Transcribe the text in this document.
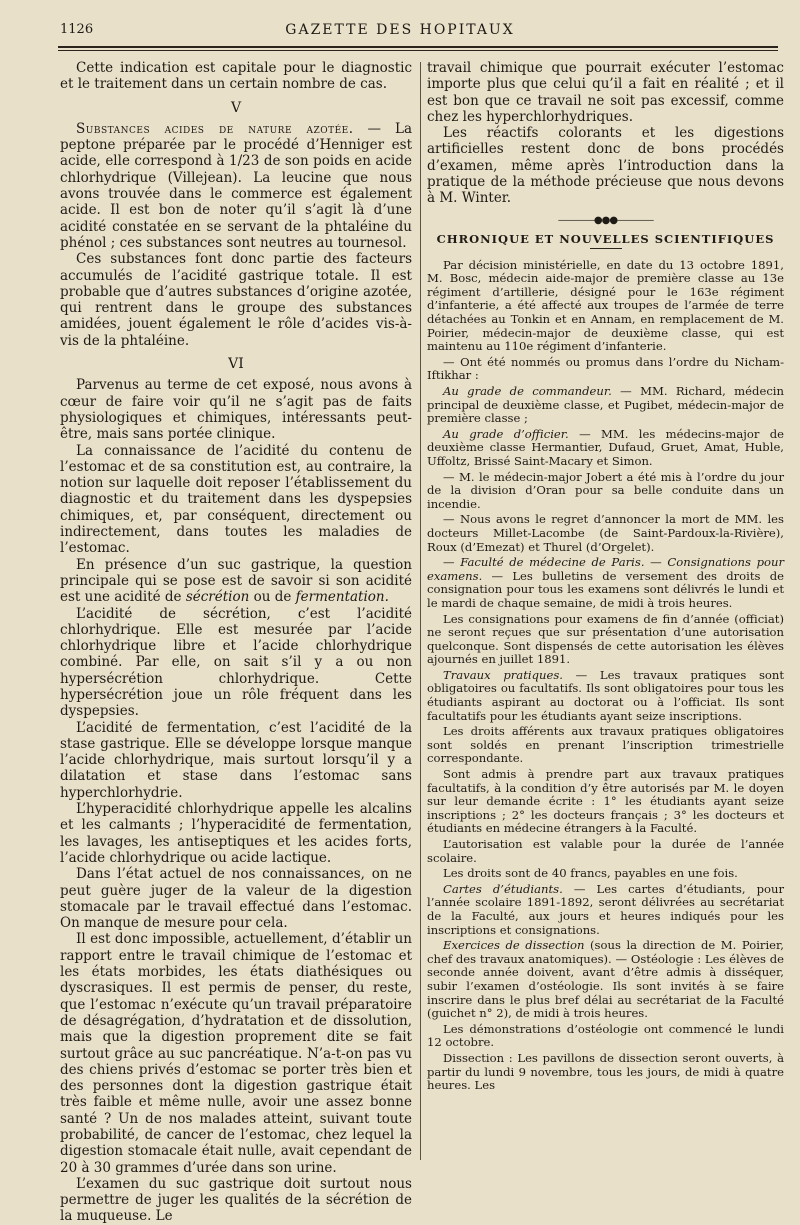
1126	GAZETTE DES HOPITAUX

Cette indication est capitale pour le diagnostic et le traitement dans un certain nombre de cas.

V

Substances acides de nature azotée. — La peptone préparée par le procédé d’Henniger est acide, elle correspond à 1/23 de son poids en acide chlorhydrique (Villejean). La leucine que nous avons trouvée dans le commerce est également acide. Il est bon de noter qu’il s’agit là d’une acidité constatée en se servant de la phtaléine du phénol ; ces substances sont neutres au tournesol.

Ces substances font donc partie des facteurs accumulés de l’acidité gastrique totale. Il est probable que d’autres substances d’origine azotée, qui rentrent dans le groupe des substances amidées, jouent également le rôle d’acides vis-à-vis de la phtaléine.

VI

Parvenus au terme de cet exposé, nous avons à cœur de faire voir qu’il ne s’agit pas de faits physiologiques et chimiques, intéressants peut-être, mais sans portée clinique.

La connaissance de l’acidité du contenu de l’estomac et de sa constitution est, au contraire, la notion sur laquelle doit reposer l’établissement du diagnostic et du traitement dans les dyspepsies chimiques, et, par conséquent, directement ou indirectement, dans toutes les maladies de l’estomac.

En présence d’un suc gastrique, la question principale qui se pose est de savoir si son acidité est une acidité de sécrétion ou de fermentation.

L’acidité de sécrétion, c’est l’acidité chlorhydrique. Elle est mesurée par l’acide chlorhydrique libre et l’acide chlorhydrique combiné. Par elle, on sait s’il y a ou non hypersécrétion chlorhydrique. Cette hypersécrétion joue un rôle fréquent dans les dyspepsies.

L’acidité de fermentation, c’est l’acidité de la stase gastrique. Elle se développe lorsque manque l’acide chlorhydrique, mais surtout lorsqu’il y a dilatation et stase dans l’estomac sans hyperchlorhydrie.

L’hyperacidité chlorhydrique appelle les alcalins et les calmants ; l’hyperacidité de fermentation, les lavages, les antiseptiques et les acides forts, l’acide chlorhydrique ou acide lactique.

Dans l’état actuel de nos connaissances, on ne peut guère juger de la valeur de la digestion stomacale par le travail effectué dans l’estomac. On manque de mesure pour cela.

Il est donc impossible, actuellement, d’établir un rapport entre le travail chimique de l’estomac et les états morbides, les états diathésiques ou dyscrasiques. Il est permis de penser, du reste, que l’estomac n’exécute qu’un travail préparatoire de désagrégation, d’hydratation et de dissolution, mais que la digestion proprement dite se fait surtout grâce au suc pancréatique. N’a-t-on pas vu des chiens privés d’estomac se porter très bien et des personnes dont la digestion gastrique était très faible et même nulle, avoir une assez bonne santé ? Un de nos malades atteint, suivant toute probabilité, de cancer de l’estomac, chez lequel la digestion stomacale était nulle, avait cependant de 20 à 30 grammes d’urée dans son urine.

L’examen du suc gastrique doit surtout nous permettre de juger les qualités de la sécrétion de la muqueuse. Le

travail chimique que pourrait exécuter l’estomac importe plus que celui qu’il a fait en réalité ; et il est bon que ce travail ne soit pas excessif, comme chez les hyperchlorhydriques.

Les réactifs colorants et les digestions artificielles restent donc de bons procédés d’examen, même après l’introduction dans la pratique de la méthode précieuse que nous devons à M. Winter.

————●●●————
CHRONIQUE ET NOUVELLES SCIENTIFIQUES

Par décision ministérielle, en date du 13 octobre 1891, M. Bosc, médecin aide-major de première classe au 13e régiment d’artillerie, désigné pour le 163e régiment d’infanterie, a été affecté aux troupes de l’armée de terre détachées au Tonkin et en Annam, en remplacement de M. Poirier, médecin-major de deuxième classe, qui est maintenu au 110e régiment d’infanterie.

— Ont été nommés ou promus dans l’ordre du Nicham-Iftikhar :

Au grade de commandeur. — MM. Richard, médecin principal de deuxième classe, et Pugibet, médecin-major de première classe ;

Au grade d’officier. — MM. les médecins-major de deuxième classe Hermantier, Dufaud, Gruet, Amat, Huble, Uffoltz, Brissé Saint-Macary et Simon.

— M. le médecin-major Jobert a été mis à l’ordre du jour de la division d’Oran pour sa belle conduite dans un incendie.

— Nous avons le regret d’annoncer la mort de MM. les docteurs Millet-Lacombe (de Saint-Pardoux-la-Rivière), Roux (d’Emezat) et Thurel (d’Orgelet).

— Faculté de médecine de Paris. — Consignations pour examens. — Les bulletins de versement des droits de consignation pour tous les examens sont délivrés le lundi et le mardi de chaque semaine, de midi à trois heures.

Les consignations pour examens de fin d’année (officiat) ne seront reçues que sur présentation d’une autorisation quelconque. Sont dispensés de cette autorisation les élèves ajournés en juillet 1891.

Travaux pratiques. — Les travaux pratiques sont obligatoires ou facultatifs. Ils sont obligatoires pour tous les étudiants aspirant au doctorat ou à l’officiat. Ils sont facultatifs pour les étudiants ayant seize inscriptions.

Les droits afférents aux travaux pratiques obligatoires sont soldés en prenant l’inscription trimestrielle correspondante.

Sont admis à prendre part aux travaux pratiques facultatifs, à la condition d’y être autorisés par M. le doyen sur leur demande écrite : 1° les étudiants ayant seize inscriptions ; 2° les docteurs français ; 3° les docteurs et étudiants en médecine étrangers à la Faculté.

L’autorisation est valable pour la durée de l’année scolaire.

Les droits sont de 40 francs, payables en une fois.

Cartes d’étudiants. — Les cartes d’étudiants, pour l’année scolaire 1891-1892, seront délivrées au secrétariat de la Faculté, aux jours et heures indiqués pour les inscriptions et consignations.

Exercices de dissection (sous la direction de M. Poirier, chef des travaux anatomiques). — Ostéologie : Les élèves de seconde année doivent, avant d’être admis à disséquer, subir l’examen d’ostéologie. Ils sont invités à se faire inscrire dans le plus bref délai au secrétariat de la Faculté (guichet n° 2), de midi à trois heures.

Les démonstrations d’ostéologie ont commencé le lundi 12 octobre.

Dissection : Les pavillons de dissection seront ouverts, à partir du lundi 9 novembre, tous les jours, de midi à quatre heures. Les
